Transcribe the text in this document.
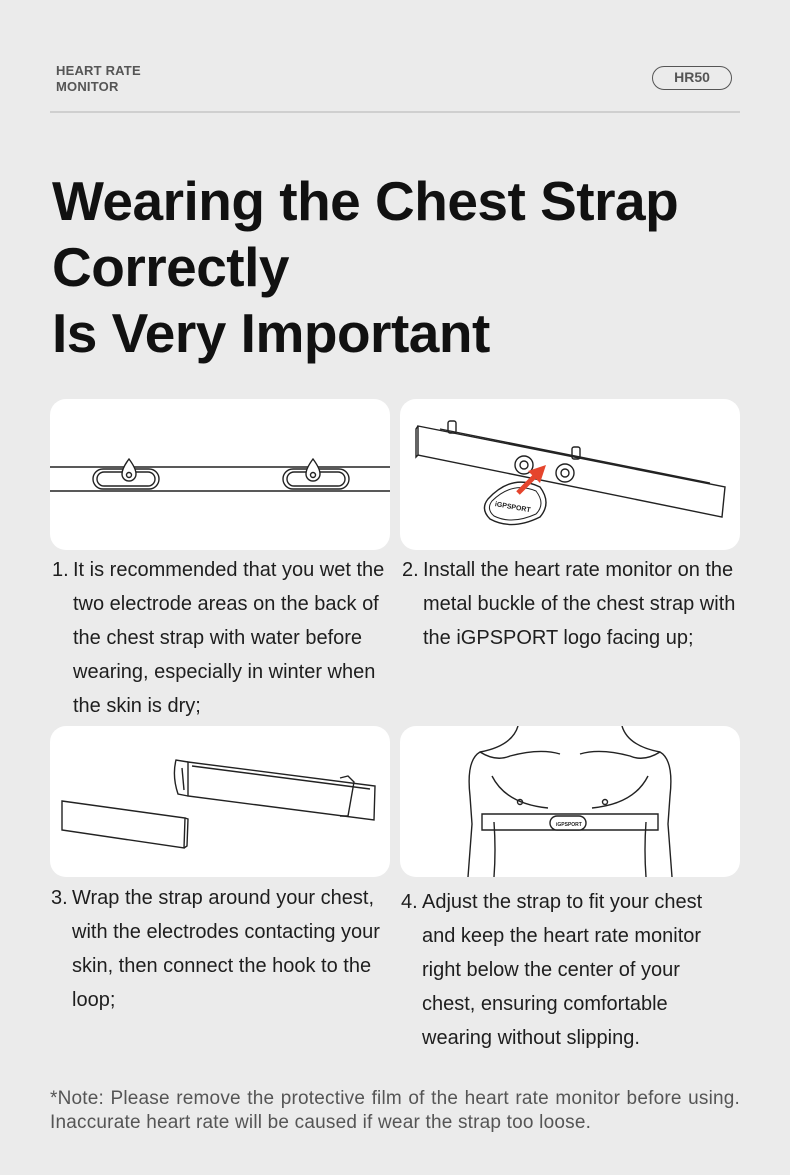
HEART RATE
MONITOR
HR50
Wearing the Chest Strap
Correctly
Is Very Important
iGPSPORT
1. It is recommended that you wet the two electrode areas on the back of the chest strap with water before wearing, especially in winter when the skin is dry;
2. Install the heart rate monitor on the metal buckle of the chest strap with the iGPSPORT logo facing up;
iGPSPORT
3. Wrap the strap around your chest, with the electrodes contacting your skin, then connect the hook to the loop;
4. Adjust the strap to fit your chest and keep the heart rate monitor right below the center of your chest, ensuring comfortable wearing without slipping.
*Note: Please remove the protective film of the heart rate monitor before using. Inaccurate heart rate will be caused if wear the strap too loose.
